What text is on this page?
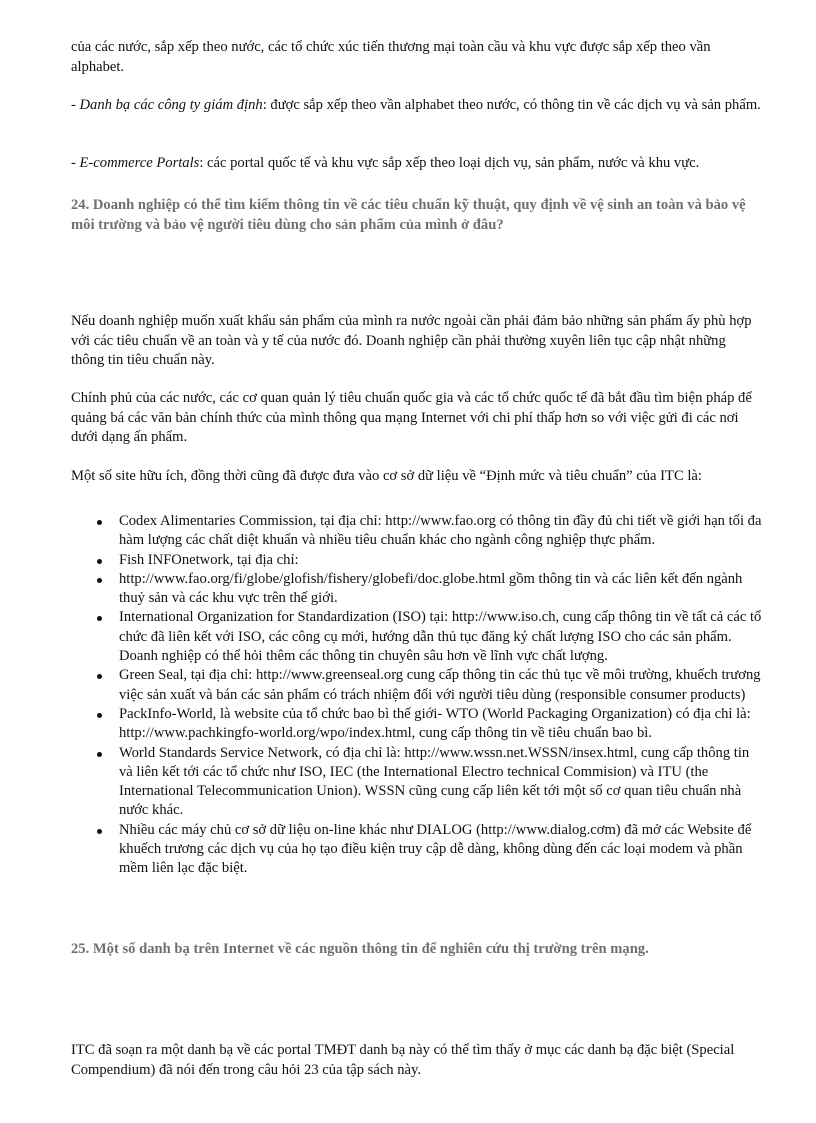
của các nước, sắp xếp theo nước, các tổ chức xúc tiến thương mại toàn cầu và khu vực được sắp xếp theo vần alphabet.

- Danh bạ các công ty giám định: được sắp xếp theo vần alphabet theo nước, có thông tin về các dịch vụ và sản phẩm.

- E-commerce Portals: các portal quốc tế và khu vực sắp xếp theo loại dịch vụ, sản phẩm, nước và khu vực.

24. Doanh nghiệp có thể tìm kiếm thông tin về các tiêu chuẩn kỹ thuật, quy định về vệ sinh an toàn và bảo vệ môi trường và bảo vệ người tiêu dùng cho sản phẩm của mình ở đâu?

Nếu doanh nghiệp muốn xuất khẩu sản phẩm của mình ra nước ngoài cần phải đảm bảo những sản phẩm ấy phù hợp với các tiêu chuẩn về an toàn và y tế của nước đó. Doanh nghiệp cần phải thường xuyên liên tục cập nhật những thông tin tiêu chuẩn này.

Chính phủ của các nước, các cơ quan quản lý tiêu chuẩn quốc gia và các tổ chức quốc tế đã bắt đầu tìm biện pháp để quảng bá các văn bản chính thức của mình thông qua mạng Internet với chi phí thấp hơn so với việc gửi đi các nơi dưới dạng ấn phẩm.

Một số site hữu ích, đồng thời cũng đã được đưa vào cơ sở dữ liệu về “Định mức và tiêu chuẩn” của ITC là:

Codex Alimentaries Commission, tại địa chỉ: http://www.fao.org có thông tin đầy đủ chi tiết về giới hạn tối đa hàm lượng các chất diệt khuẩn và nhiều tiêu chuẩn khác cho ngành công nghiệp thực phẩm.
Fish INFOnetwork, tại địa chỉ:
http://www.fao.org/fi/globe/glofish/fishery/globefi/doc.globe.html gồm thông tin và các liên kết đến ngành thuỷ sản và các khu vực trên thế giới.
International Organization for Standardization (ISO) tại: http://www.iso.ch, cung cấp thông tin về tất cả các tổ chức đã liên kết với ISO, các công cụ mới, hướng dẫn thủ tục đăng ký chất lượng ISO cho các sản phẩm. Doanh nghiệp có thể hỏi thêm các thông tin chuyên sâu hơn về lĩnh vực chất lượng.
Green Seal, tại địa chỉ: http://www.greenseal.org cung cấp thông tin các thủ tục về môi trường, khuếch trương việc sản xuất và bán các sản phẩm có trách nhiệm đối với người tiêu dùng (responsible consumer products)
PackInfo-World, là website của tổ chức bao bì thế giới- WTO (World Packaging Organization) có địa chỉ là: http://www.pachkingfo-world.org/wpo/index.html, cung cấp thông tin về tiêu chuẩn bao bì.
World Standards Service Network, có địa chỉ là: http://www.wssn.net.WSSN/insex.html, cung cấp thông tin và liên kết tới các tổ chức như ISO, IEC (the International Electro technical Commision) và ITU (the International Telecommunication Union). WSSN cũng cung cấp liên kết tới một số cơ quan tiêu chuẩn nhà nước khác.
Nhiều các máy chủ cơ sở dữ liệu on-line khác như DIALOG (http://www.dialog.cơm) đã mở các Website để khuếch trương các dịch vụ của họ tạo điều kiện truy cập dễ dàng, không dùng đến các loại modem và phần mềm liên lạc đặc biệt.

25. Một số danh bạ trên Internet về các nguồn thông tin để nghiên cứu thị trường trên mạng.

ITC đã soạn ra một danh bạ về các portal TMĐT danh bạ này có thể tìm thấy ở mục các danh bạ đặc biệt (Special Compendium) đã nói đến trong câu hỏi 23 của tập sách này.
